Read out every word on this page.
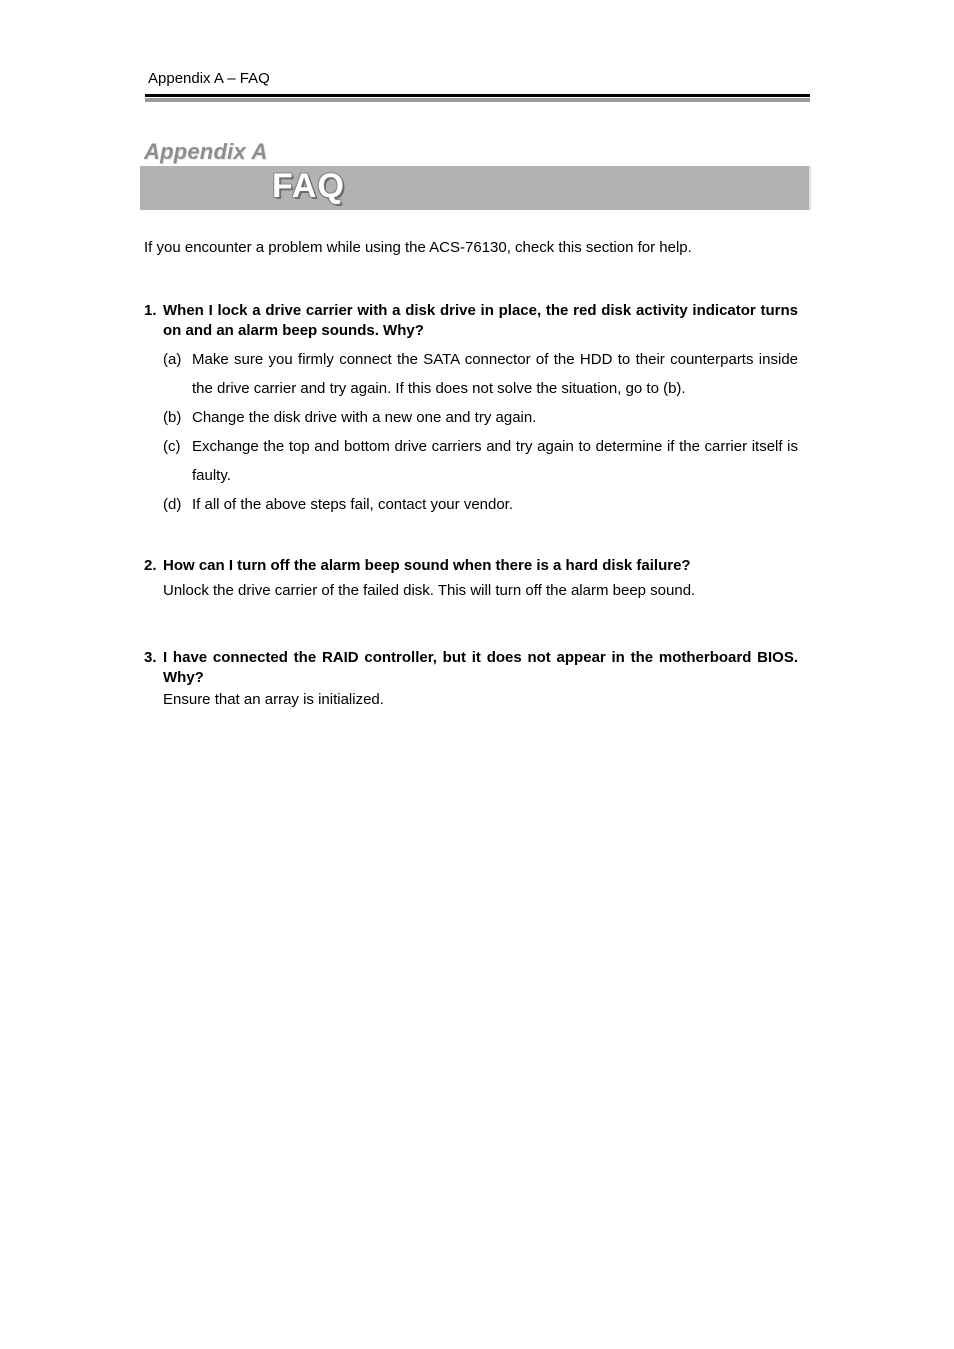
Appendix A – FAQ
Appendix A
FAQ
If you encounter a problem while using the ACS-76130, check this section for help.
1. When I lock a drive carrier with a disk drive in place, the red disk activity indicator turns on and an alarm beep sounds. Why?
(a) Make sure you firmly connect the SATA connector of the HDD to their counterparts inside the drive carrier and try again. If this does not solve the situation, go to (b).
(b) Change the disk drive with a new one and try again.
(c) Exchange the top and bottom drive carriers and try again to determine if the carrier itself is faulty.
(d) If all of the above steps fail, contact your vendor.
2. How can I turn off the alarm beep sound when there is a hard disk failure?
Unlock the drive carrier of the failed disk. This will turn off the alarm beep sound.
3. I have connected the RAID controller, but it does not appear in the motherboard BIOS. Why?
Ensure that an array is initialized.
